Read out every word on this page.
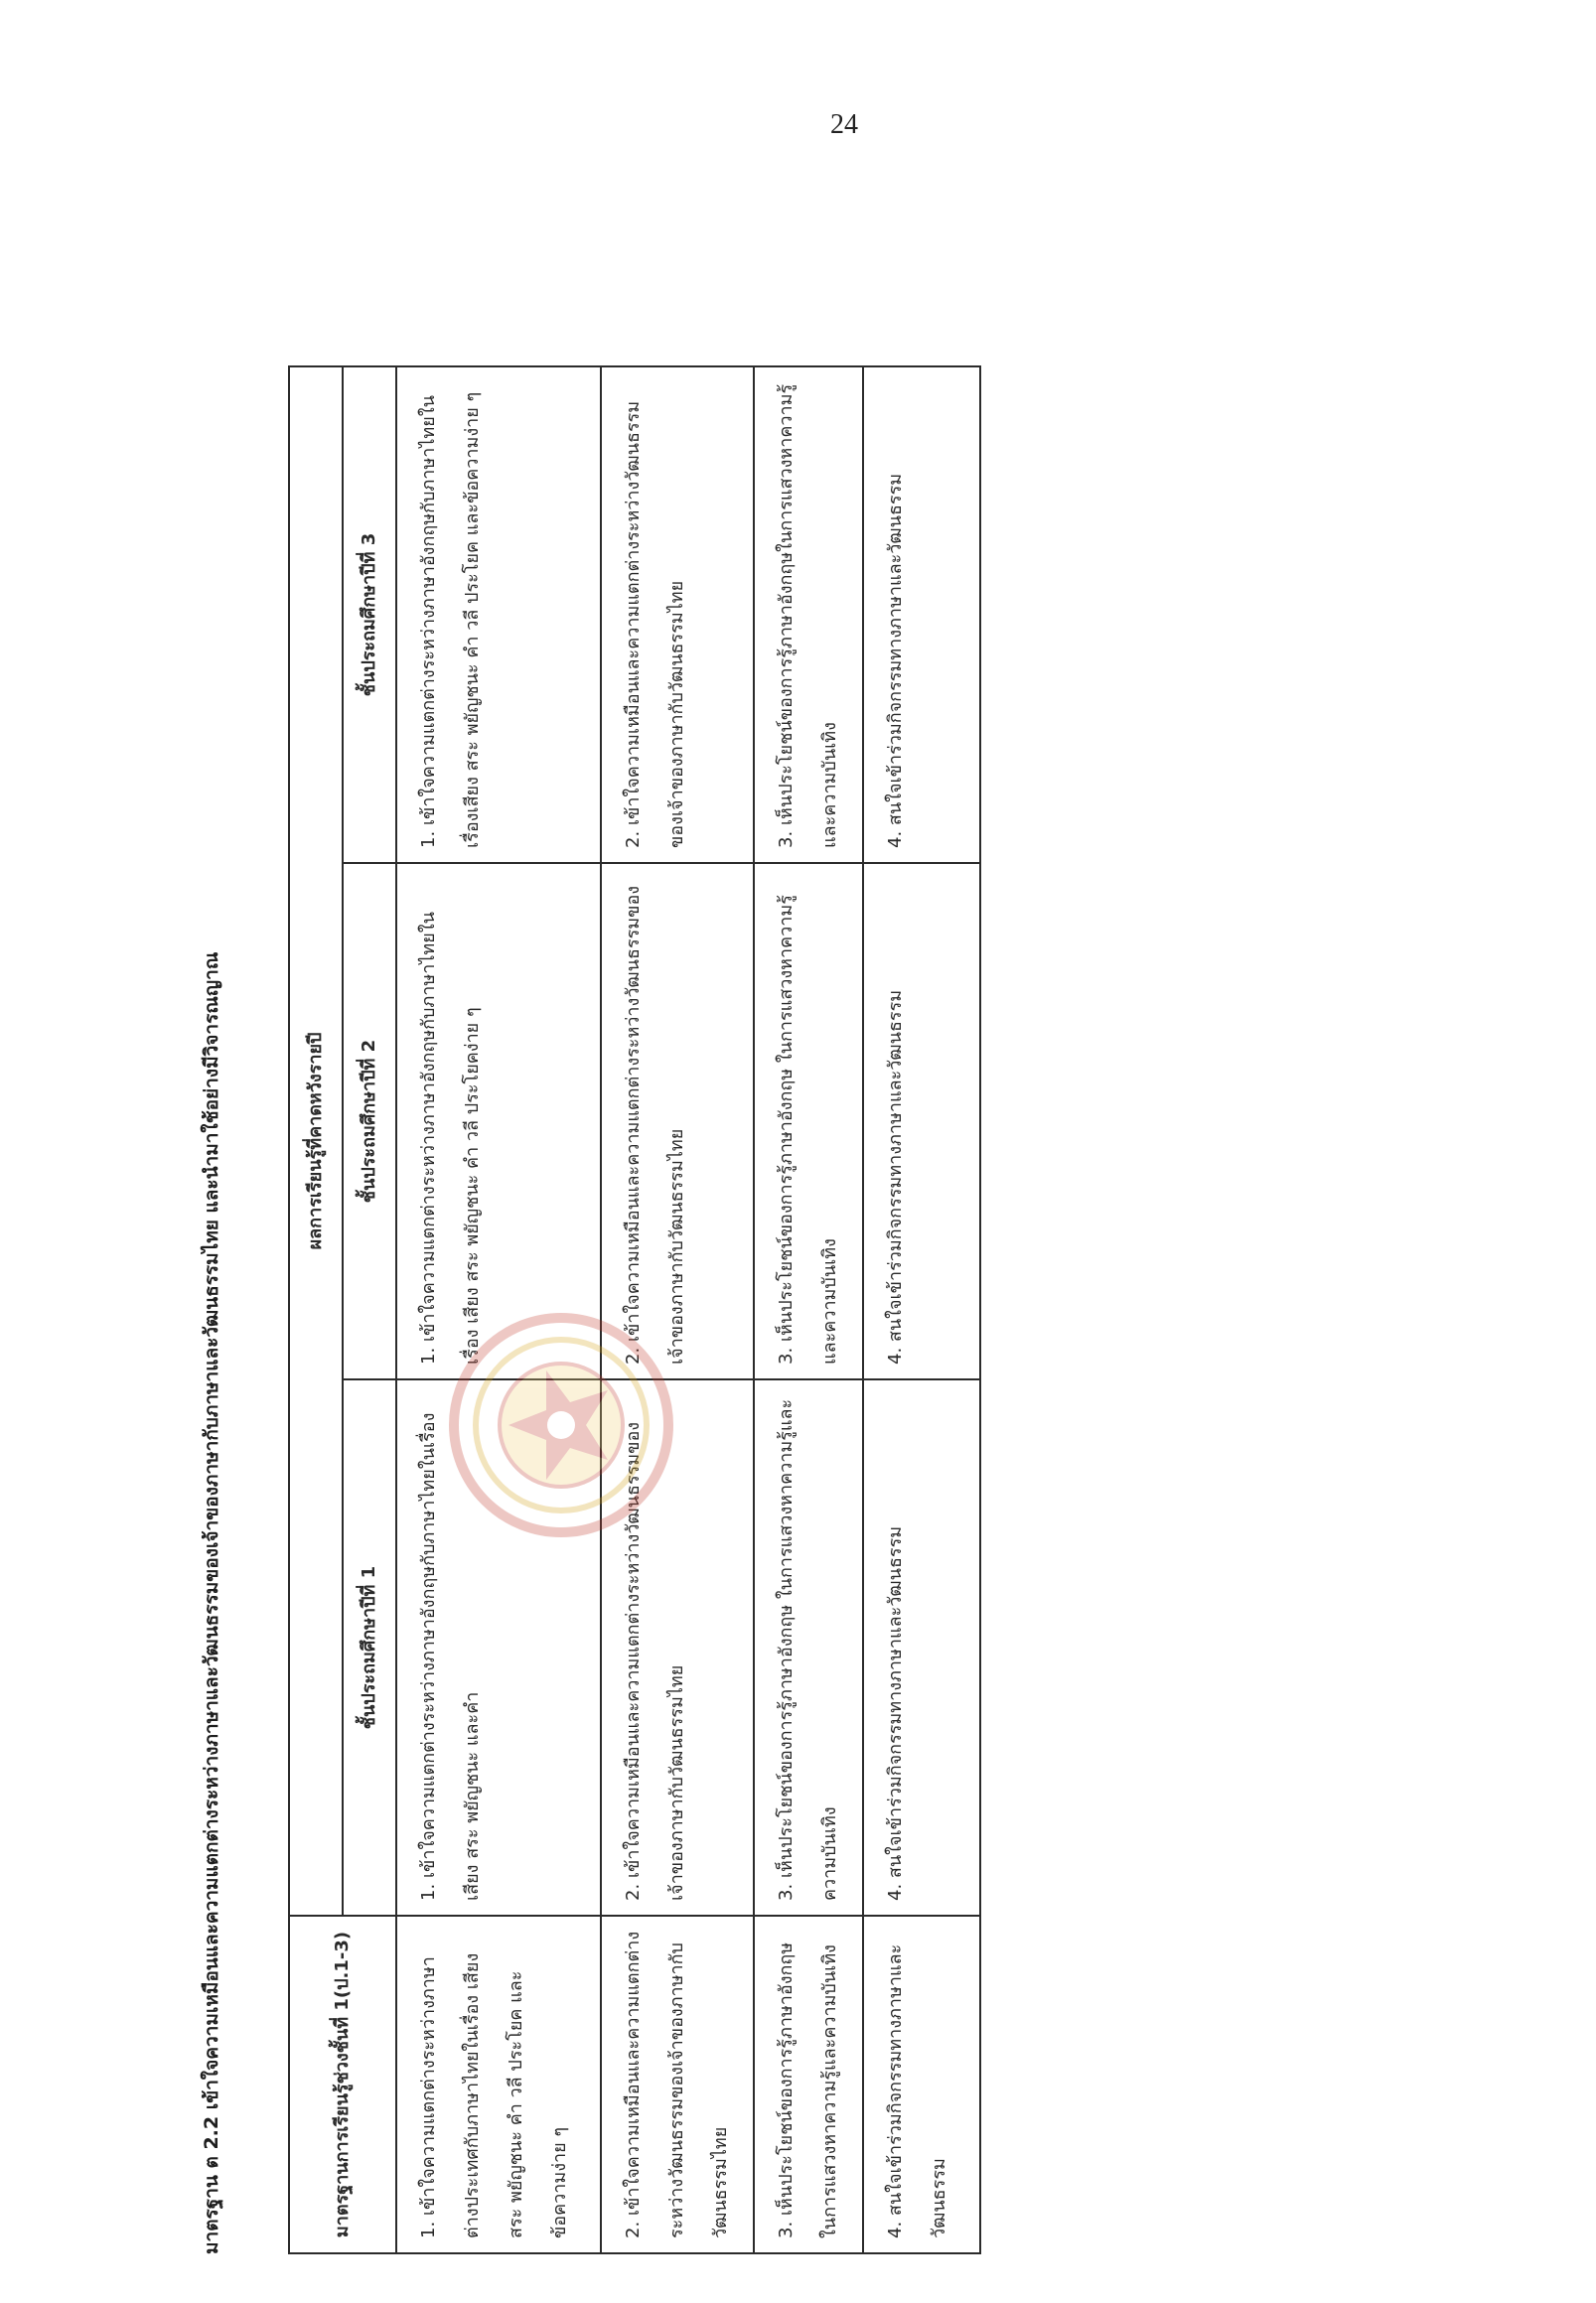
24
มาตรฐาน ต 2.2 เข้าใจความเหมือนและความแตกต่างระหว่างภาษาและวัฒนธรรมของเจ้าของภาษากับภาษาและวัฒนธรรมไทย และนำมาใช้อย่างมีวิจารณญาณ	มาตรฐานการเรียนรู้ช่วงชั้นที่ 1(ป.1-3)	ผลการเรียนรู้ที่คาดหวังรายปี		
	ชั้นประถมศึกษาปีที่ 1	ชั้นประถมศึกษาปีที่ 2	ชั้นประถมศึกษาปีที่ 3
1. เข้าใจความแตกต่างระหว่างภาษาต่างประเทศกับภาษาไทยในเรื่อง เสียง สระ พยัญชนะ คำ วลี ประโยค และข้อความง่าย ๆ	1. เข้าใจความแตกต่างระหว่างภาษาอังกฤษกับภาษาไทยในเรื่อง เสียง สระ พยัญชนะ และคำ	1. เข้าใจความแตกต่างระหว่างภาษาอังกฤษกับภาษาไทยในเรื่อง เสียง สระ พยัญชนะ คำ วลี ประโยคง่าย ๆ	1. เข้าใจความแตกต่างระหว่างภาษาอังกฤษกับภาษาไทยในเรื่องเสียง สระ พยัญชนะ คำ วลี ประโยค และข้อความง่าย ๆ
2. เข้าใจความเหมือนและความแตกต่างระหว่างวัฒนธรรมของเจ้าของภาษากับวัฒนธรรมไทย	2. เข้าใจความเหมือนและความแตกต่างระหว่างวัฒนธรรมของเจ้าของภาษากับวัฒนธรรมไทย	2. เข้าใจความเหมือนและความแตกต่างระหว่างวัฒนธรรมของเจ้าของภาษากับวัฒนธรรมไทย	2. เข้าใจความเหมือนและความแตกต่างระหว่างวัฒนธรรมของเจ้าของภาษากับวัฒนธรรมไทย
3. เห็นประโยชน์ของการรู้ภาษาอังกฤษในการแสวงหาความรู้และความบันเทิง	3. เห็นประโยชน์ของการรู้ภาษาอังกฤษ ในการแสวงหาความรู้และความบันเทิง	3. เห็นประโยชน์ของการรู้ภาษาอังกฤษ ในการแสวงหาความรู้และความบันเทิง	3. เห็นประโยชน์ของการรู้ภาษาอังกฤษในการแสวงหาความรู้และความบันเทิง
4. สนใจเข้าร่วมกิจกรรมทางภาษาและวัฒนธรรม	4. สนใจเข้าร่วมกิจกรรมทางภาษาและวัฒนธรรม	4. สนใจเข้าร่วมกิจกรรมทางภาษาและวัฒนธรรม	4. สนใจเข้าร่วมกิจกรรมทางภาษาและวัฒนธรรม
